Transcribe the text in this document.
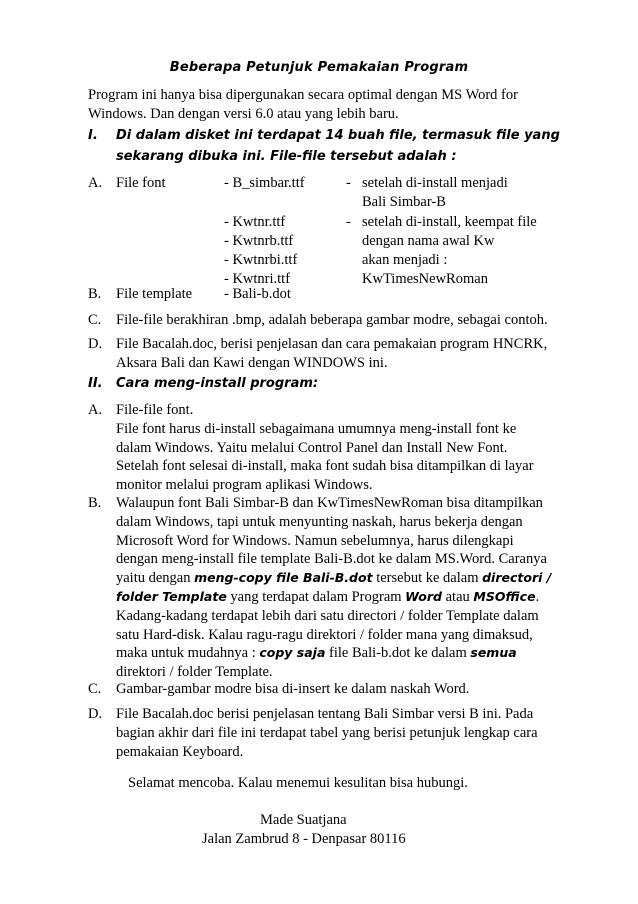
Beberapa Petunjuk Pemakaian Program
Program ini hanya bisa dipergunakan secara optimal dengan MS Word for
Windows. Dan dengan versi 6.0 atau yang lebih baru.
I. Di dalam disket ini terdapat 14 buah file, termasuk file yang
sekarang dibuka ini. File-file tersebut adalah :
A. File font	- B_simbar.ttf	- setelah di-install menjadi
Bali Simbar-B
- Kwtnr.ttf
- Kwtnrb.ttf
- Kwtnrbi.ttf
- Kwtnri.ttf
- setelah di-install, keempat file
dengan nama awal Kw
akan menjadi :
KwTimesNewRoman
B. File template - Bali-b.dot
C. File-file berakhiran .bmp, adalah beberapa gambar modre, sebagai contoh.
D. File Bacalah.doc, berisi penjelasan dan cara pemakaian program HNCRK,
Aksara Bali dan Kawi dengan WINDOWS ini.
II. Cara meng-install program:
A. File-file font.
File font harus di-install sebagaimana umumnya meng-install font ke
dalam Windows. Yaitu melalui Control Panel dan Install New Font.
Setelah font selesai di-install, maka font sudah bisa ditampilkan di layar
monitor melalui program aplikasi Windows.
B. Walaupun font Bali Simbar-B dan KwTimesNewRoman bisa ditampilkan
dalam Windows, tapi untuk menyunting naskah, harus bekerja dengan
Microsoft Word for Windows. Namun sebelumnya, harus dilengkapi
dengan meng-install file template Bali-B.dot ke dalam MS.Word. Caranya
yaitu dengan meng-copy file Bali-B.dot tersebut ke dalam directori /
folder Template yang terdapat dalam Program Word atau MSOffice.
Kadang-kadang terdapat lebih dari satu directori / folder Template dalam
satu Hard-disk. Kalau ragu-ragu direktori / folder mana yang dimaksud,
maka untuk mudahnya : copy saja file Bali-b.dot ke dalam semua
direktori / folder Template.
C. Gambar-gambar modre bisa di-insert ke dalam naskah Word.
D. File Bacalah.doc berisi penjelasan tentang Bali Simbar versi B ini. Pada
bagian akhir dari file ini terdapat tabel yang berisi petunjuk lengkap cara
pemakaian Keyboard.
Selamat mencoba. Kalau menemui kesulitan bisa hubungi.
Made Suatjana
Jalan Zambrud 8 - Denpasar 80116
